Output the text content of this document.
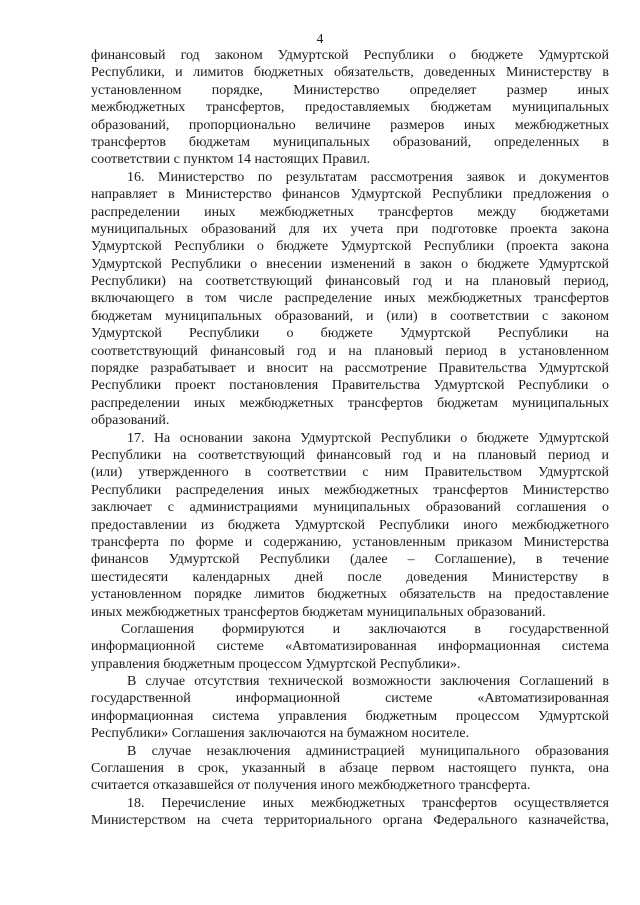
4
финансовый год законом Удмуртской Республики о бюджете Удмуртской
Республики, и лимитов бюджетных обязательств, доведенных Министерству в
установленном порядке, Министерство определяет размер иных
межбюджетных трансфертов, предоставляемых бюджетам муниципальных
образований, пропорционально величине размеров иных межбюджетных
трансфертов бюджетам муниципальных образований, определенных в
соответствии с пунктом 14 настоящих Правил.
16. Министерство по результатам рассмотрения заявок и документов
направляет в Министерство финансов Удмуртской Республики предложения о
распределении иных межбюджетных трансфертов между бюджетами
муниципальных образований для их учета при подготовке проекта закона
Удмуртской Республики о бюджете Удмуртской Республики (проекта закона
Удмуртской Республики о внесении изменений в закон о бюджете Удмуртской
Республики) на соответствующий финансовый год и на плановый период,
включающего в том числе распределение иных межбюджетных трансфертов
бюджетам муниципальных образований, и (или) в соответствии с законом
Удмуртской Республики о бюджете Удмуртской Республики на
соответствующий финансовый год и на плановый период в установленном
порядке разрабатывает и вносит на рассмотрение Правительства Удмуртской
Республики проект постановления Правительства Удмуртской Республики о
распределении иных межбюджетных трансфертов бюджетам муниципальных
образований.
17. На основании закона Удмуртской Республики о бюджете Удмуртской
Республики на соответствующий финансовый год и на плановый период и
(или) утвержденного в соответствии с ним Правительством Удмуртской
Республики распределения иных межбюджетных трансфертов Министерство
заключает с администрациями муниципальных образований соглашения о
предоставлении из бюджета Удмуртской Республики иного межбюджетного
трансферта по форме и содержанию, установленным приказом Министерства
финансов Удмуртской Республики (далее – Соглашение), в течение
шестидесяти календарных дней после доведения Министерству в
установленном порядке лимитов бюджетных обязательств на предоставление
иных межбюджетных трансфертов бюджетам муниципальных образований.
Соглашения формируются и заключаются в государственной
информационной системе «Автоматизированная информационная система
управления бюджетным процессом Удмуртской Республики».
В случае отсутствия технической возможности заключения Соглашений в
государственной информационной системе «Автоматизированная
информационная система управления бюджетным процессом Удмуртской
Республики» Соглашения заключаются на бумажном носителе.
В случае незаключения администрацией муниципального образования
Соглашения в срок, указанный в абзаце первом настоящего пункта, она
считается отказавшейся от получения иного межбюджетного трансферта.
18. Перечисление иных межбюджетных трансфертов осуществляется
Министерством на счета территориального органа Федерального казначейства,
